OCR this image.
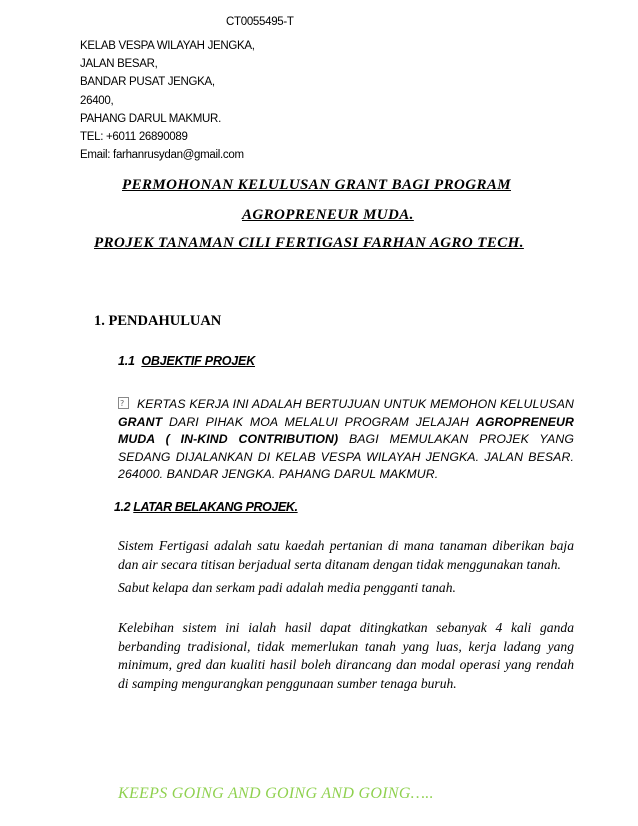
CT0055495-T
KELAB VESPA WILAYAH JENGKA,
JALAN BESAR,
BANDAR PUSAT JENGKA,
26400,
PAHANG DARUL MAKMUR.
TEL: +6011 26890089
Email: farhanrusydan@gmail.com
PERMOHONAN KELULUSAN GRANT BAGI PROGRAM
AGROPRENEUR MUDA.
PROJEK TANAMAN CILI FERTIGASI FARHAN AGRO TECH.
1. PENDAHULUAN
1.1 OBJEKTIF PROJEK
?KERTAS KERJA INI ADALAH BERTUJUAN UNTUK MEMOHON KELULUSAN GRANT DARI PIHAK MOA MELALUI PROGRAM JELAJAH AGROPRENEUR MUDA ( IN-KIND CONTRIBUTION) BAGI MEMULAKAN PROJEK YANG SEDANG DIJALANKAN DI KELAB VESPA WILAYAH JENGKA. JALAN BESAR. 264000. BANDAR JENGKA. PAHANG DARUL MAKMUR.
1.2 LATAR BELAKANG PROJEK.
Sistem Fertigasi adalah satu kaedah pertanian di mana tanaman diberikan baja dan air secara titisan berjadual serta ditanam dengan tidak menggunakan tanah.
Sabut kelapa dan serkam padi adalah media pengganti tanah.
Kelebihan sistem ini ialah hasil dapat ditingkatkan sebanyak 4 kali ganda berbanding tradisional, tidak memerlukan tanah yang luas, kerja ladang yang minimum, gred dan kualiti hasil boleh dirancang dan modal operasi yang rendah di samping mengurangkan penggunaan sumber tenaga buruh.
KEEPS GOING AND GOING AND GOING…..
